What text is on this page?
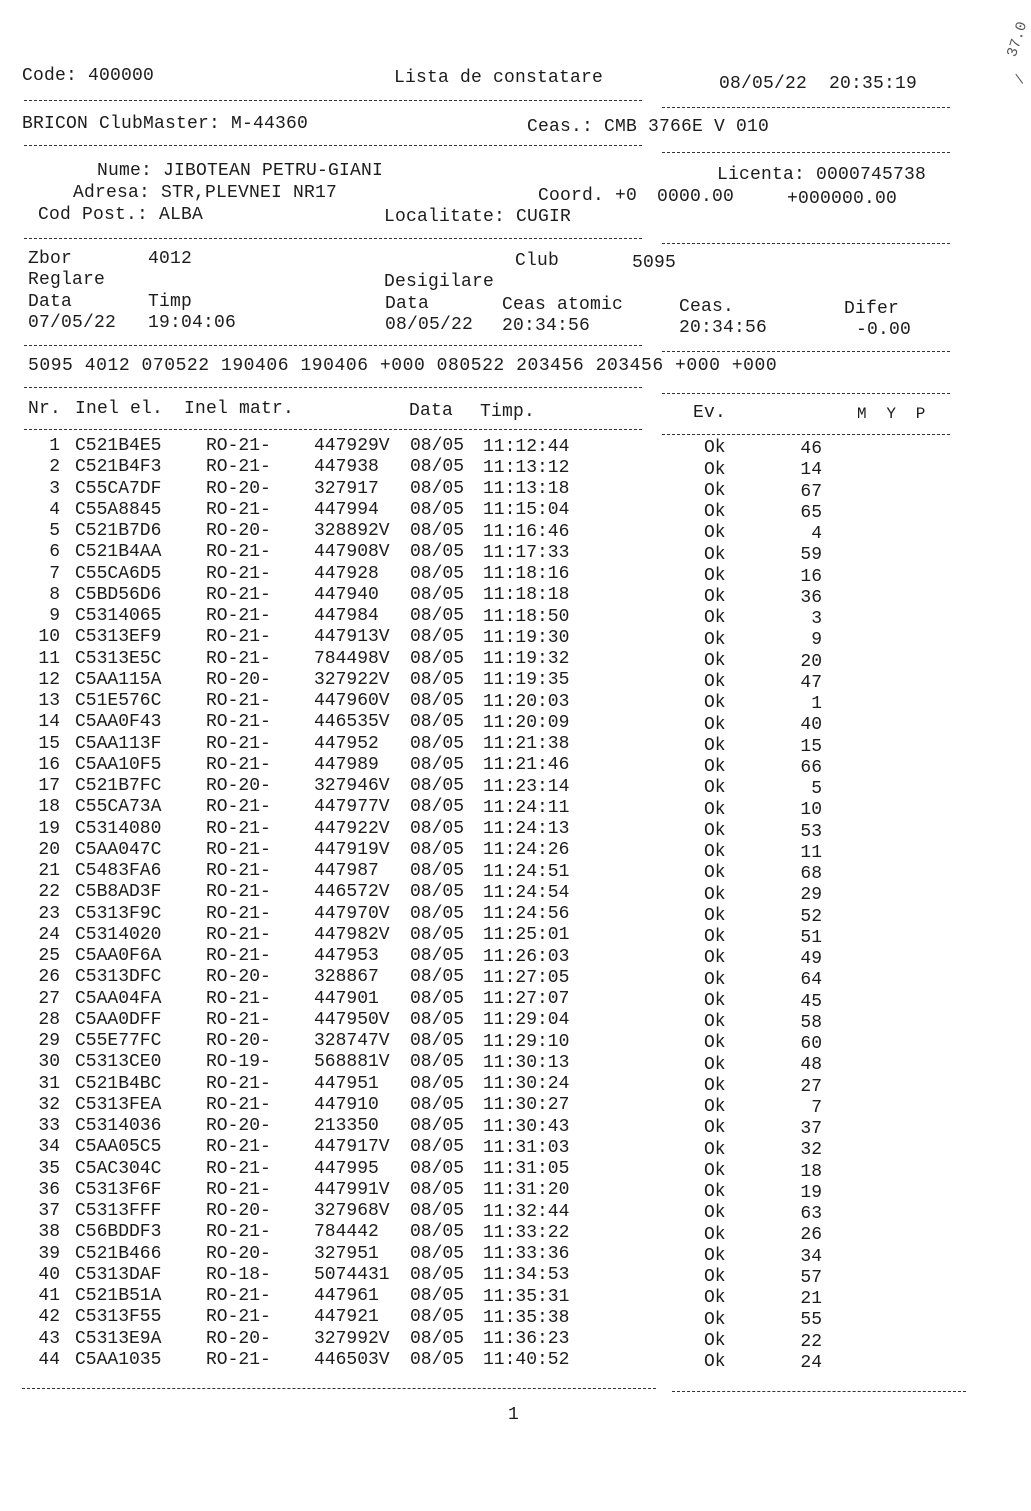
Code: 400000	Lista de constatare	08/05/22  20:35:19
BRICON ClubMaster: M-44360	Ceas.: CMB 3766E V 010
Nume: JIBOTEAN PETRU-GIANI	Licenta: 0000745738
Adresa: STR,PLEVNEI NR17	Coord. +0 0000.00	+000000.00
Cod Post.: ALBA	Localitate: CUGIR
Zbor	4012	Club	5095
Reglare	Desigilare
Data	Timp	Data	Ceas atomic	Ceas.	Difer
07/05/22 19:04:06	08/05/22 20:34:56	20:34:56	-0.00
5095 4012 070522 190406 190406 +000 080522 203456 203456 +000 +000
Nr. Inel el. Inel matr.	Data Timp.	Ev.	M  Y  P
1 C521B4E5 RO-21- 447929V 08/05 11:12:44	Ok	46
2 C521B4F3 RO-21- 447938 08/05 11:13:12	Ok	14
3 C55CA7DF RO-20- 327917 08/05 11:13:18	Ok	67
4 C55A8845 RO-21- 447994 08/05 11:15:04	Ok	65
5 C521B7D6 RO-20- 328892V 08/05 11:16:46	Ok	4
6 C521B4AA RO-21- 447908V 08/05 11:17:33	Ok	59
7 C55CA6D5 RO-21- 447928 08/05 11:18:16	Ok	16
8 C5BD56D6 RO-21- 447940 08/05 11:18:18	Ok	36
9 C5314065 RO-21- 447984 08/05 11:18:50	Ok	3
10 C5313EF9 RO-21- 447913V 08/05 11:19:30	Ok	9
11 C5313E5C RO-21- 784498V 08/05 11:19:32	Ok	20
12 C5AA115A RO-20- 327922V 08/05 11:19:35	Ok	47
13 C51E576C RO-21- 447960V 08/05 11:20:03	Ok	1
14 C5AA0F43 RO-21- 446535V 08/05 11:20:09	Ok	40
15 C5AA113F RO-21- 447952 08/05 11:21:38	Ok	15
16 C5AA10F5 RO-21- 447989 08/05 11:21:46	Ok	66
17 C521B7FC RO-20- 327946V 08/05 11:23:14	Ok	5
18 C55CA73A RO-21- 447977V 08/05 11:24:11	Ok	10
19 C5314080 RO-21- 447922V 08/05 11:24:13	Ok	53
20 C5AA047C RO-21- 447919V 08/05 11:24:26	Ok	11
21 C5483FA6 RO-21- 447987 08/05 11:24:51	Ok	68
22 C5B8AD3F RO-21- 446572V 08/05 11:24:54	Ok	29
23 C5313F9C RO-21- 447970V 08/05 11:24:56	Ok	52
24 C5314020 RO-21- 447982V 08/05 11:25:01	Ok	51
25 C5AA0F6A RO-21- 447953 08/05 11:26:03	Ok	49
26 C5313DFC RO-20- 328867 08/05 11:27:05	Ok	64
27 C5AA04FA RO-21- 447901 08/05 11:27:07	Ok	45
28 C5AA0DFF RO-21- 447950V 08/05 11:29:04	Ok	58
29 C55E77FC RO-20- 328747V 08/05 11:29:10	Ok	60
30 C5313CE0 RO-19- 568881V 08/05 11:30:13	Ok	48
31 C521B4BC RO-21- 447951 08/05 11:30:24	Ok	27
32 C5313FEA RO-21- 447910 08/05 11:30:27	Ok	7
33 C5314036 RO-20- 213350 08/05 11:30:43	Ok	37
34 C5AA05C5 RO-21- 447917V 08/05 11:31:03	Ok	32
35 C5AC304C RO-21- 447995 08/05 11:31:05	Ok	18
36 C5313F6F RO-21- 447991V 08/05 11:31:20	Ok	19
37 C5313FFF RO-20- 327968V 08/05 11:32:44	Ok	63
38 C56BDDF3 RO-21- 784442 08/05 11:33:22	Ok	26
39 C521B466 RO-20- 327951 08/05 11:33:36	Ok	34
40 C5313DAF RO-18- 5074431 08/05 11:34:53	Ok	57
41 C521B51A RO-21- 447961 08/05 11:35:31	Ok	21
42 C5313F55 RO-21- 447921 08/05 11:35:38	Ok	55
43 C5313E9A RO-20- 327992V 08/05 11:36:23	Ok	22
44 C5AA1035 RO-21- 446503V 08/05 11:40:52	Ok	24
1
37.0
/
